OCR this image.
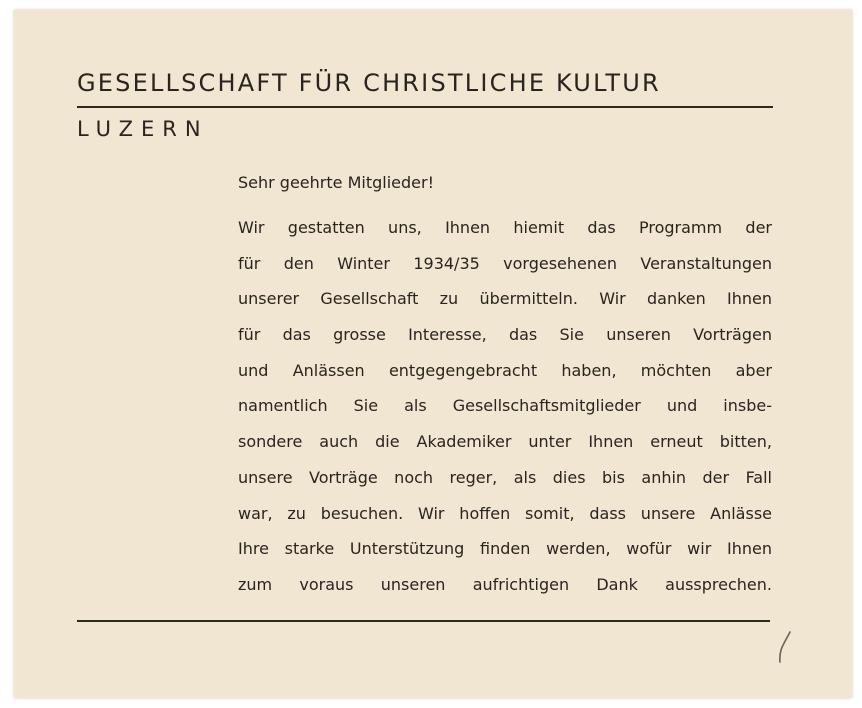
GESELLSCHAFT FÜR CHRISTLICHE KULTUR
LUZERN
Sehr geehrte Mitglieder!
Wir gestatten uns, Ihnen hiemit das Programm der
für den Winter 1934/35 vorgesehenen Veranstaltungen
unserer Gesellschaft zu übermitteln. Wir danken Ihnen
für das grosse Interesse, das Sie unseren Vorträgen
und Anlässen entgegengebracht haben, möchten aber
namentlich Sie als Gesellschaftsmitglieder und insbe-
sondere auch die Akademiker unter Ihnen erneut bitten,
unsere Vorträge noch reger, als dies bis anhin der Fall
war, zu besuchen. Wir hoffen somit, dass unsere Anlässe
Ihre starke Unterstützung finden werden, wofür wir Ihnen
zum voraus unseren aufrichtigen Dank aussprechen.
